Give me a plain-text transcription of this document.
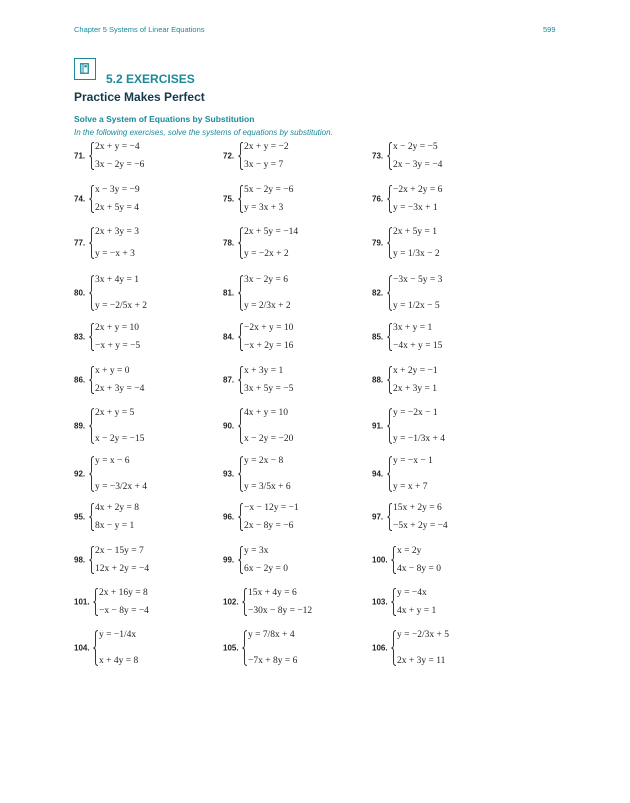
Chapter 5 Systems of Linear Equations	599
5.2 EXERCISES
Practice Makes Perfect
Solve a System of Equations by Substitution
In the following exercises, solve the systems of equations by substitution.
71.
2x + y = −4
3x − 2y = −6
72.
2x + y = −2
3x − y = 7
73.
x − 2y = −5
2x − 3y = −4
74.
x − 3y = −9
2x + 5y = 4
75.
5x − 2y = −6
y = 3x + 3
76.
−2x + 2y = 6
y = −3x + 1
77.
2x + 3y = 3
y = −x + 3
78.
2x + 5y = −14
y = −2x + 2
79.
2x + 5y = 1
y = 1/3x − 2
80.
3x + 4y = 1
y = −2/5x + 2
81.
3x − 2y = 6
y = 2/3x + 2
82.
−3x − 5y = 3
y = 1/2x − 5
83.
2x + y = 10
−x + y = −5
84.
−2x + y = 10
−x + 2y = 16
85.
3x + y = 1
−4x + y = 15
86.
x + y = 0
2x + 3y = −4
87.
x + 3y = 1
3x + 5y = −5
88.
x + 2y = −1
2x + 3y = 1
89.
2x + y = 5
x − 2y = −15
90.
4x + y = 10
x − 2y = −20
91.
y = −2x − 1
y = −1/3x + 4
92.
y = x − 6
y = −3/2x + 4
93.
y = 2x − 8
y = 3/5x + 6
94.
y = −x − 1
y = x + 7
95.
4x + 2y = 8
8x − y = 1
96.
−x − 12y = −1
2x − 8y = −6
97.
15x + 2y = 6
−5x + 2y = −4
98.
2x − 15y = 7
12x + 2y = −4
99.
y = 3x
6x − 2y = 0
100.
x = 2y
4x − 8y = 0
101.
2x + 16y = 8
−x − 8y = −4
102.
15x + 4y = 6
−30x − 8y = −12
103.
y = −4x
4x + y = 1
104.
y = −1/4x
x + 4y = 8
105.
y = 7/8x + 4
−7x + 8y = 6
106.
y = −2/3x + 5
2x + 3y = 11
